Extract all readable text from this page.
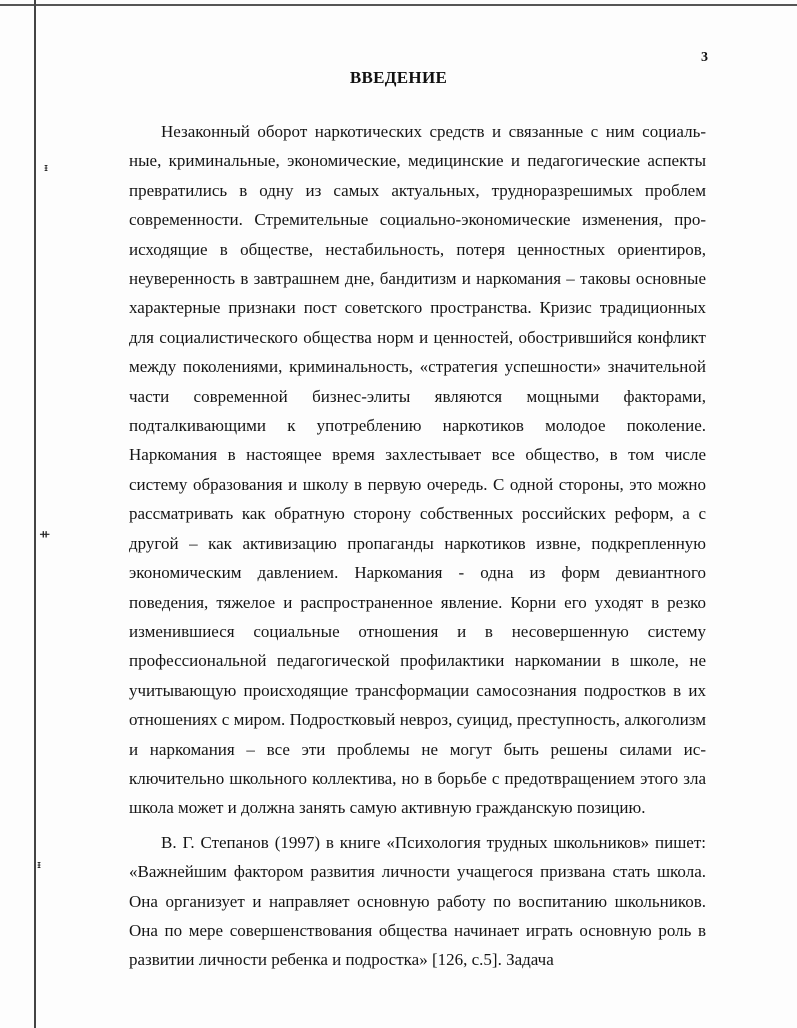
3
ВВЕДЕНИЕ
ᵻ
ᚑ
ᵻ

Незаконный оборот наркотических средств и связанные с ним социальные, криминальные, экономические, медицинские и педагогические аспекты превратились в одну из самых актуальных, трудноразрешимых проблем современности. Стремительные социально-экономические изменения, происходящие в обществе, нестабильность, потеря ценностных ориентиров, неуверенность в завтрашнем дне, бандитизм и наркомания – таковы основные характерные признаки пост советского пространства. Кризис традиционных для социалистического общества норм и ценностей, обострившийся конфликт между поколениями, криминальность, «стратегия успешности» значительной части современной бизнес-элиты являются мощными факторами, подталкивающими к употреблению наркотиков молодое поколение. Наркомания в настоящее время захлестывает все общество, в том числе систему образования и школу в первую очередь. С одной стороны, это можно рассматривать как обратную сторону собственных российских реформ, а с другой – как активизацию пропаганды наркотиков извне, подкрепленную экономическим давлением. Наркомания - одна из форм девиантного поведения, тяжелое и распространенное явление. Корни его уходят в резко изменившиеся социальные отношения и в несовершенную систему профессиональной педагогической профилактики наркомании в школе, не учитывающую происходящие трансформации самосознания подростков в их отношениях с миром. Подростковый невроз, суицид, преступность, алкоголизм и наркомания – все эти проблемы не могут быть решены силами исключительно школьного коллектива, но в борьбе с предотвращением этого зла школа может и должна занять самую активную гражданскую позицию.

В. Г. Степанов (1997) в книге «Психология трудных школьников» пишет: «Важнейшим фактором развития личности учащегося призвана стать школа. Она организует и направляет основную работу по воспитанию школьников. Она по мере совершенствования общества начинает играть основную роль в развитии личности ребенка и подростка» [126, с.5]. Задача
